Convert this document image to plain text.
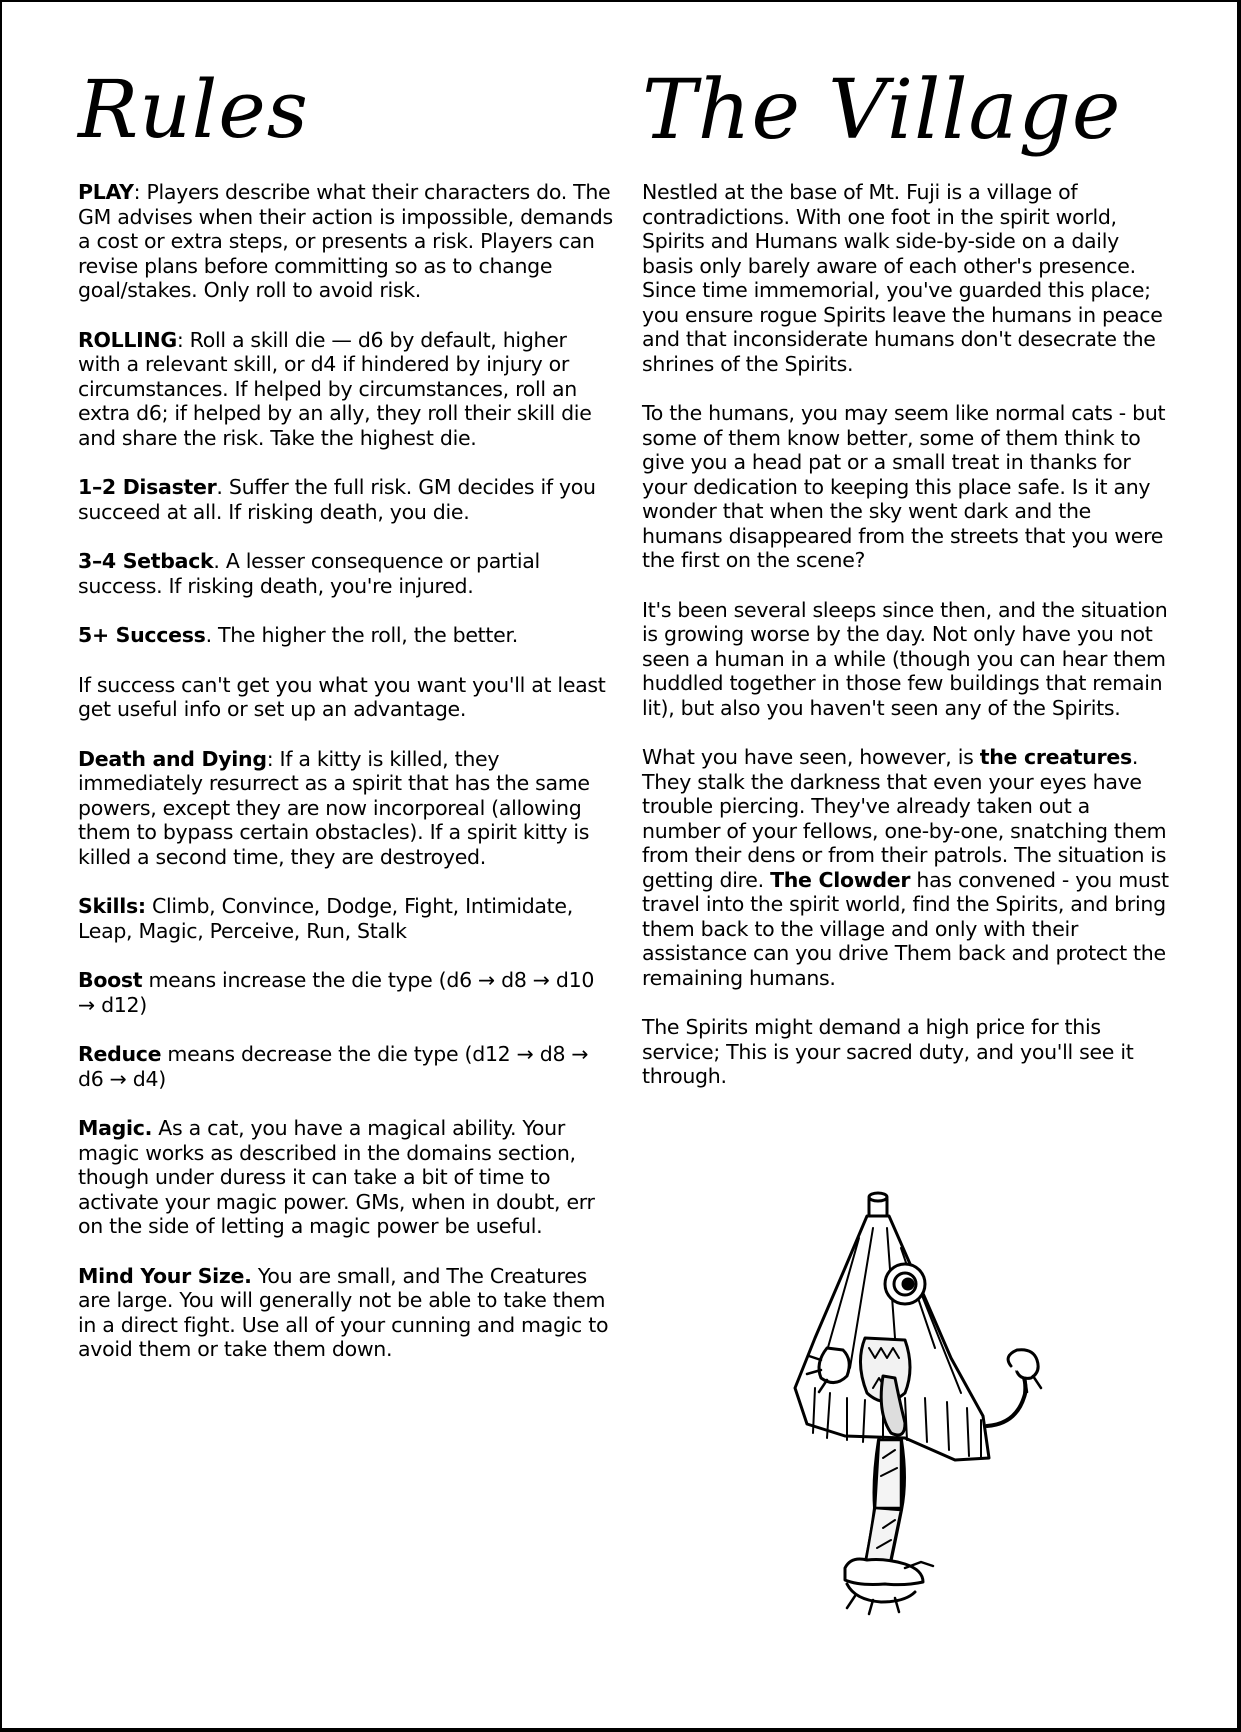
Rules

PLAY: Players describe what their characters do. The GM advises when their action is impossible, demands a cost or extra steps, or presents a risk. Players can revise plans before committing so as to change goal/stakes. Only roll to avoid risk.

ROLLING: Roll a skill die — d6 by default, higher with a relevant skill, or d4 if hindered by injury or circumstances. If helped by circumstances, roll an extra d6; if helped by an ally, they roll their skill die and share the risk. Take the highest die.

1–2 Disaster. Suffer the full risk. GM decides if you succeed at all. If risking death, you die.

3–4 Setback. A lesser consequence or partial success. If risking death, you're injured.

5+ Success. The higher the roll, the better.

If success can't get you what you want you'll at least get useful info or set up an advantage.

Death and Dying: If a kitty is killed, they immediately resurrect as a spirit that has the same powers, except they are now incorporeal (allowing them to bypass certain obstacles). If a spirit kitty is killed a second time, they are destroyed.

Skills: Climb, Convince, Dodge, Fight, Intimidate, Leap, Magic, Perceive, Run, Stalk

Boost means increase the die type (d6 → d8 → d10 → d12)

Reduce means decrease the die type (d12 → d8 → d6 → d4)

Magic. As a cat, you have a magical ability. Your magic works as described in the domains section, though under duress it can take a bit of time to activate your magic power. GMs, when in doubt, err on the side of letting a magic power be useful.

Mind Your Size. You are small, and The Creatures are large. You will generally not be able to take them in a direct fight. Use all of your cunning and magic to avoid them or take them down.

The Village

Nestled at the base of Mt. Fuji is a village of contradictions. With one foot in the spirit world, Spirits and Humans walk side-by-side on a daily basis only barely aware of each other's presence. Since time immemorial, you've guarded this place; you ensure rogue Spirits leave the humans in peace and that inconsiderate humans don't desecrate the shrines of the Spirits.

To the humans, you may seem like normal cats - but some of them know better, some of them think to give you a head pat or a small treat in thanks for your dedication to keeping this place safe. Is it any wonder that when the sky went dark and the humans disappeared from the streets that you were the first on the scene?

It's been several sleeps since then, and the situation is growing worse by the day. Not only have you not seen a human in a while (though you can hear them huddled together in those few buildings that remain lit), but also you haven't seen any of the Spirits.

What you have seen, however, is the creatures. They stalk the darkness that even your eyes have trouble piercing. They've already taken out a number of your fellows, one-by-one, snatching them from their dens or from their patrols. The situation is getting dire. The Clowder has convened - you must travel into the spirit world, find the Spirits, and bring them back to the village and only with their assistance can you drive Them back and protect the remaining humans.

The Spirits might demand a high price for this service; This is your sacred duty, and you'll see it through.
